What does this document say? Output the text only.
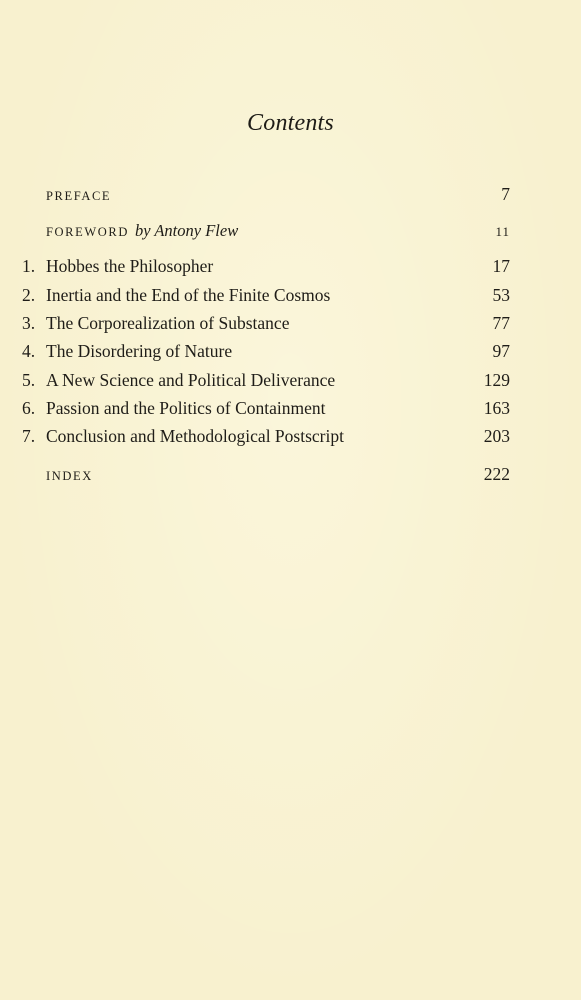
Contents
PREFACE	7
FOREWORD by Antony Flew	11
1. Hobbes the Philosopher	17
2. Inertia and the End of the Finite Cosmos	53
3. The Corporealization of Substance	77
4. The Disordering of Nature	97
5. A New Science and Political Deliverance	129
6. Passion and the Politics of Containment	163
7. Conclusion and Methodological Postscript	203
INDEX	222
